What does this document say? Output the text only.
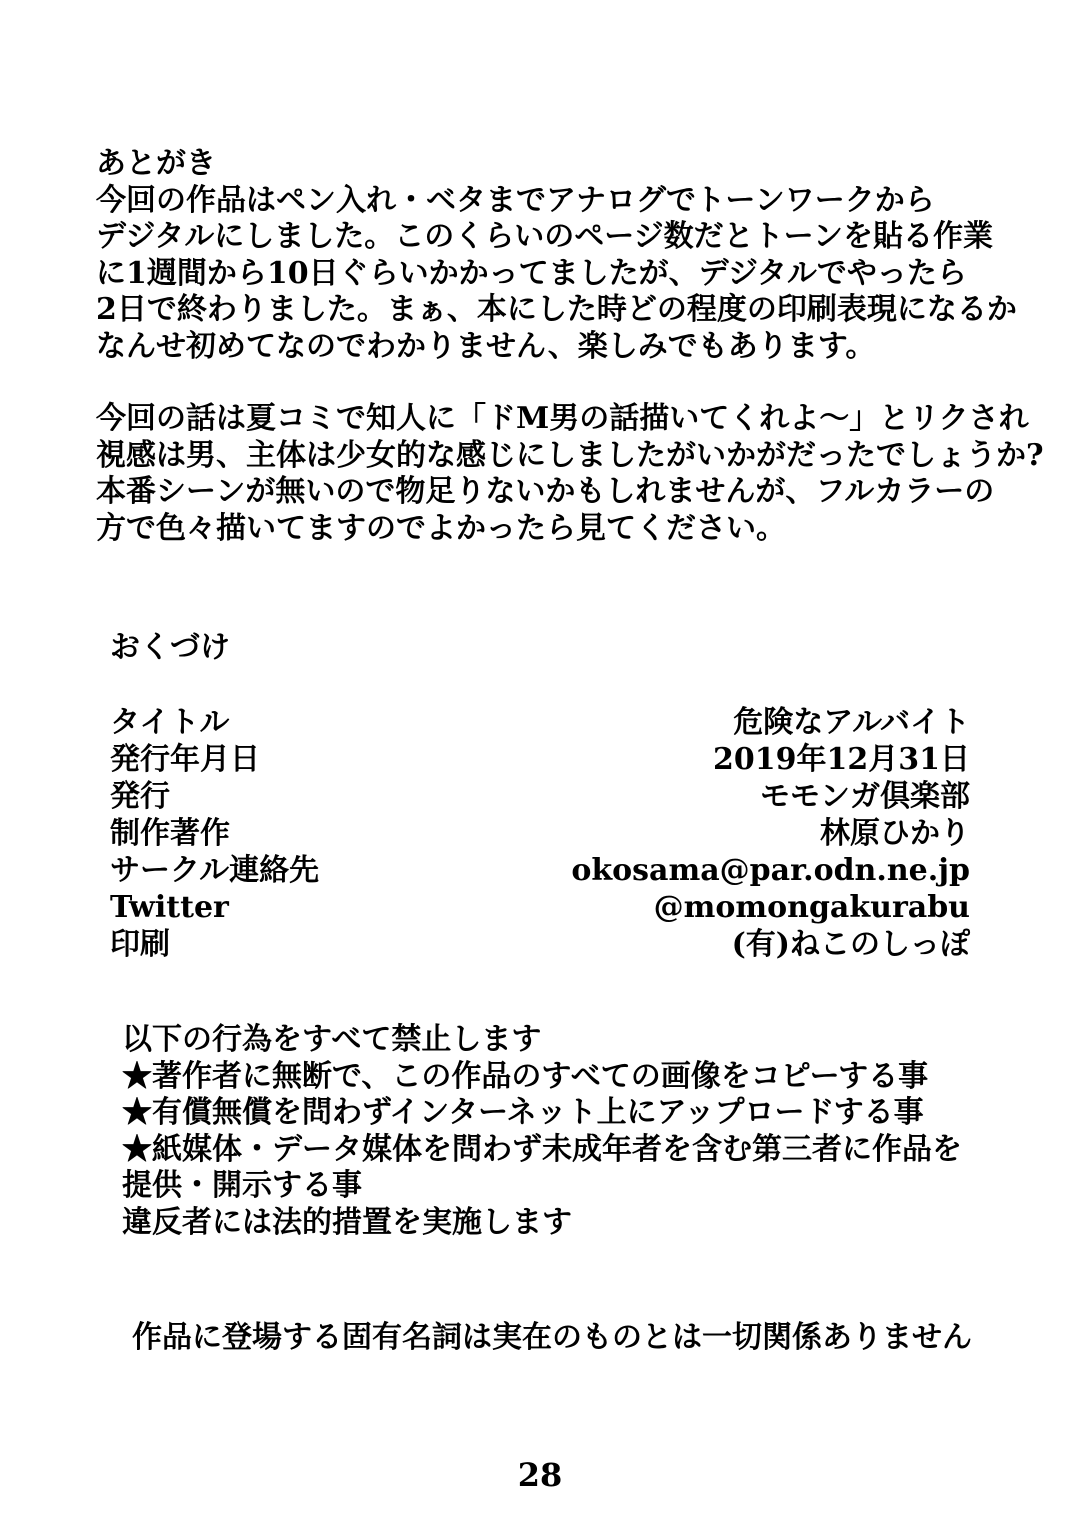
あとがき
今回の作品はペン入れ・ベタまでアナログでトーンワークから
デジタルにしました。このくらいのページ数だとトーンを貼る作業
に1週間から10日ぐらいかかってましたが、デジタルでやったら
2日で終わりました。まぁ、本にした時どの程度の印刷表現になるか
なんせ初めてなのでわかりません、楽しみでもあります。
今回の話は夏コミで知人に「ドM男の話描いてくれよ～」とリクされ
視感は男、主体は少女的な感じにしましたがいかがだったでしょうか?
本番シーンが無いので物足りないかもしれませんが、フルカラーの
方で色々描いてますのでよかったら見てください。
おくづけ
タイトル	危険なアルバイト
発行年月日	2019年12月31日
発行	モモンガ倶楽部
制作著作	林原ひかり
サークル連絡先	okosama@par.odn.ne.jp
Twitter	@momongakurabu
印刷	(有)ねこのしっぽ
以下の行為をすべて禁止します
★著作者に無断で、この作品のすべての画像をコピーする事
★有償無償を問わずインターネット上にアップロードする事
★紙媒体・データ媒体を問わず未成年者を含む第三者に作品を
提供・開示する事
違反者には法的措置を実施します
作品に登場する固有名詞は実在のものとは一切関係ありません
28
